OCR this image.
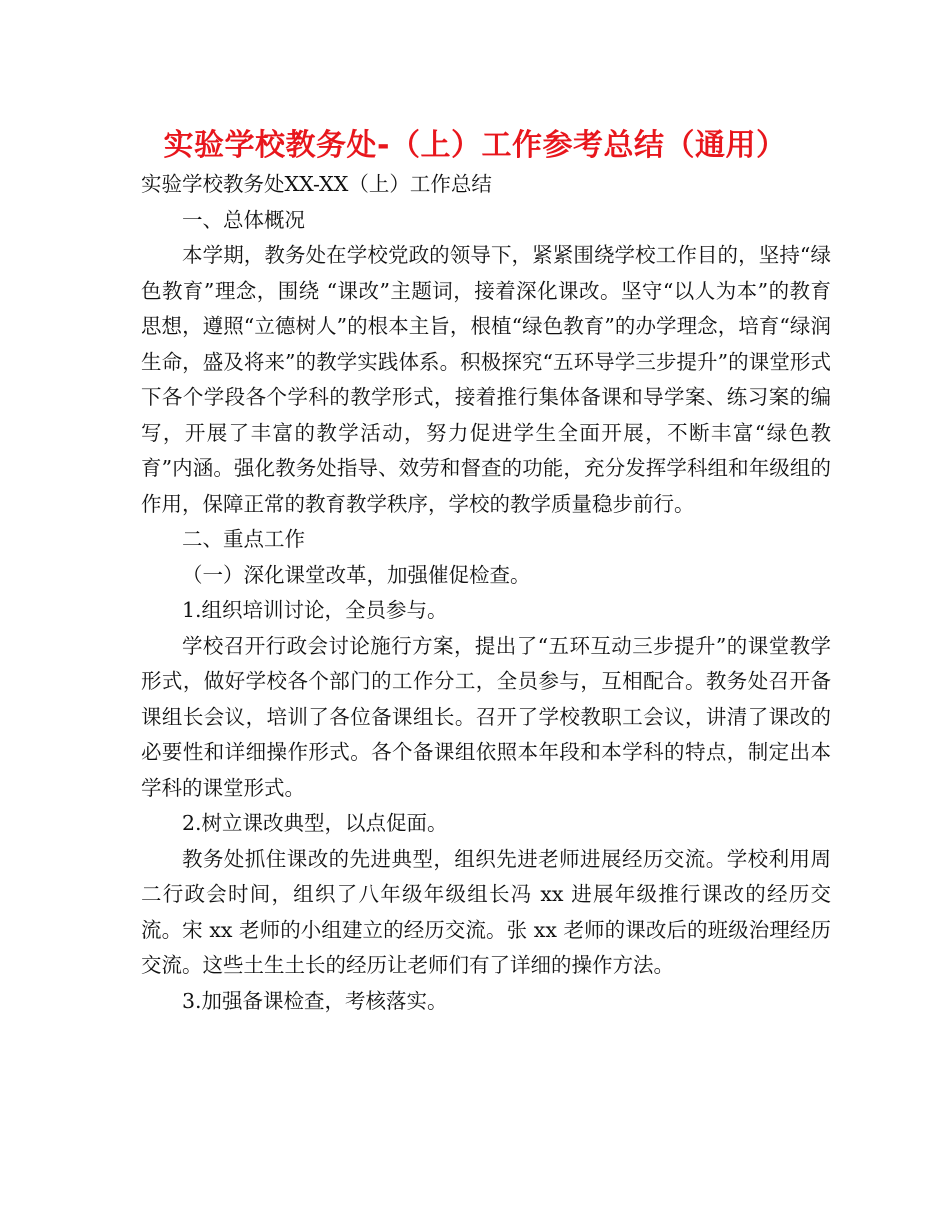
实验学校教务处-（上）工作参考总结（通用）

实验学校教务处XX-XX（上）工作总结

一、总体概况

本学期，教务处在学校党政的领导下，紧紧围绕学校工作目的，坚持“绿色教育”理念，围绕 “课改”主题词，接着深化课改。坚守“以人为本”的教育思想，遵照“立德树人”的根本主旨，根植“绿色教育”的办学理念，培育“绿润生命，盛及将来”的教学实践体系。积极探究“五环导学三步提升”的课堂形式下各个学段各个学科的教学形式，接着推行集体备课和导学案、练习案的编写，开展了丰富的教学活动，努力促进学生全面开展，不断丰富“绿色教育”内涵。强化教务处指导、效劳和督查的功能，充分发挥学科组和年级组的作用，保障正常的教育教学秩序，学校的教学质量稳步前行。

二、重点工作

（一）深化课堂改革，加强催促检查。

1.组织培训讨论，全员参与。

学校召开行政会讨论施行方案，提出了“五环互动三步提升”的课堂教学形式，做好学校各个部门的工作分工，全员参与，互相配合。教务处召开备课组长会议，培训了各位备课组长。召开了学校教职工会议，讲清了课改的必要性和详细操作形式。各个备课组依照本年段和本学科的特点，制定出本学科的课堂形式。

2.树立课改典型，以点促面。

教务处抓住课改的先进典型，组织先进老师进展经历交流。学校利用周二行政会时间，组织了八年级年级组长冯 xx 进展年级推行课改的经历交流。宋 xx 老师的小组建立的经历交流。张 xx 老师的课改后的班级治理经历交流。这些土生土长的经历让老师们有了详细的操作方法。

3.加强备课检查，考核落实。
